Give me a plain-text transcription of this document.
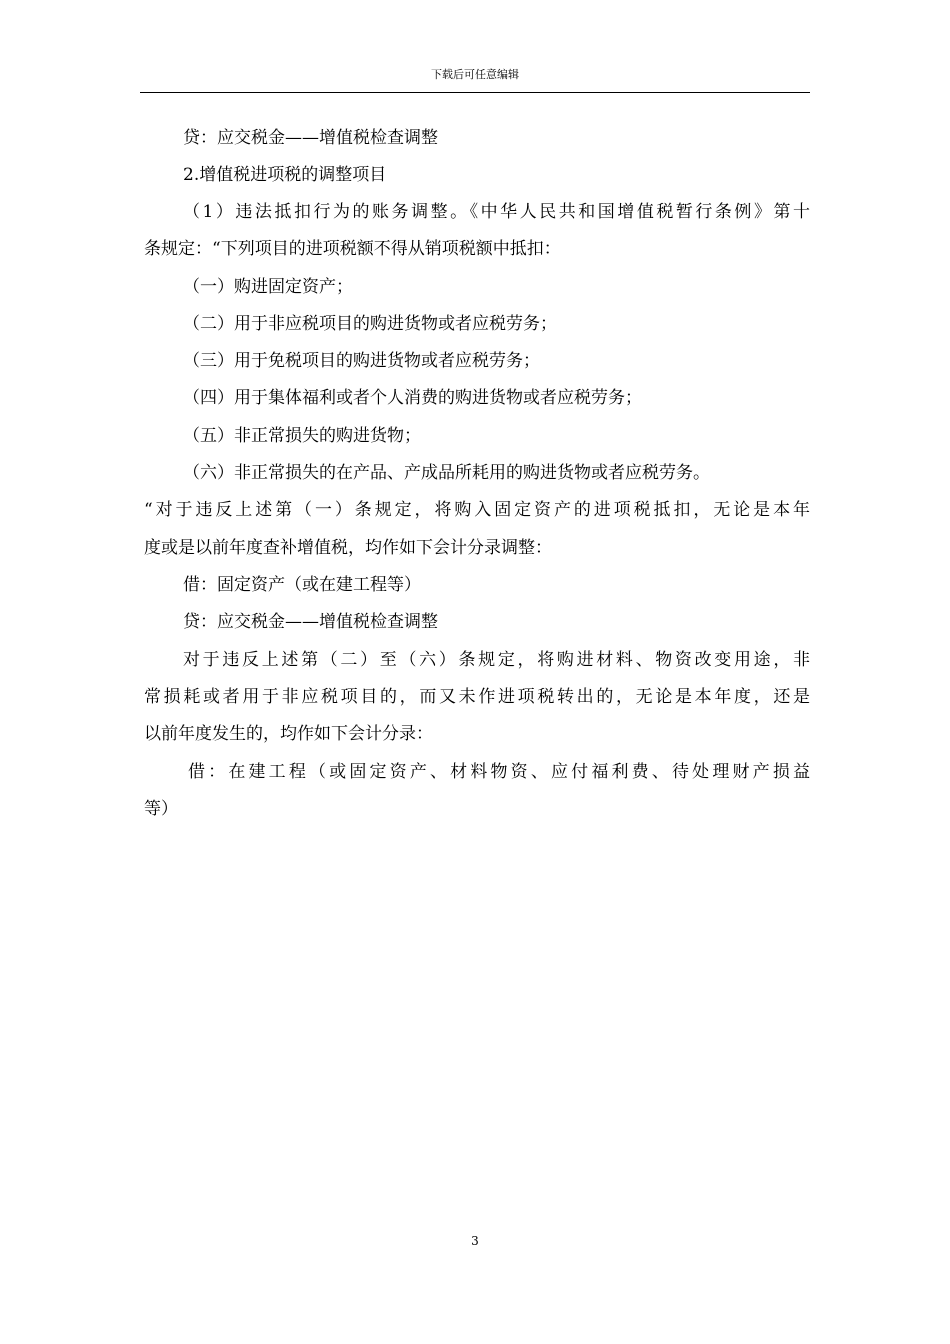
下载后可任意编辑
贷：应交税金——增值税检查调整
2.增值税进项税的调整项目
（1）违法抵扣行为的账务调整。《中华人民共和国增值税暂行条例》第十
条规定：“下列项目的进项税额不得从销项税额中抵扣：
（一）购进固定资产；
（二）用于非应税项目的购进货物或者应税劳务；
（三）用于免税项目的购进货物或者应税劳务；
（四）用于集体福利或者个人消费的购进货物或者应税劳务；
（五）非正常损失的购进货物；
（六）非正常损失的在产品、产成品所耗用的购进货物或者应税劳务。
“对于违反上述第（一）条规定，将购入固定资产的进项税抵扣，无论是本年
度或是以前年度查补增值税，均作如下会计分录调整：
借：固定资产（或在建工程等）
贷：应交税金——增值税检查调整
对于违反上述第（二）至（六）条规定，将购进材料、物资改变用途，非
常损耗或者用于非应税项目的，而又未作进项税转出的，无论是本年度，还是
以前年度发生的，均作如下会计分录：
借：在建工程（或固定资产、材料物资、应付福利费、待处理财产损益
等）
3
